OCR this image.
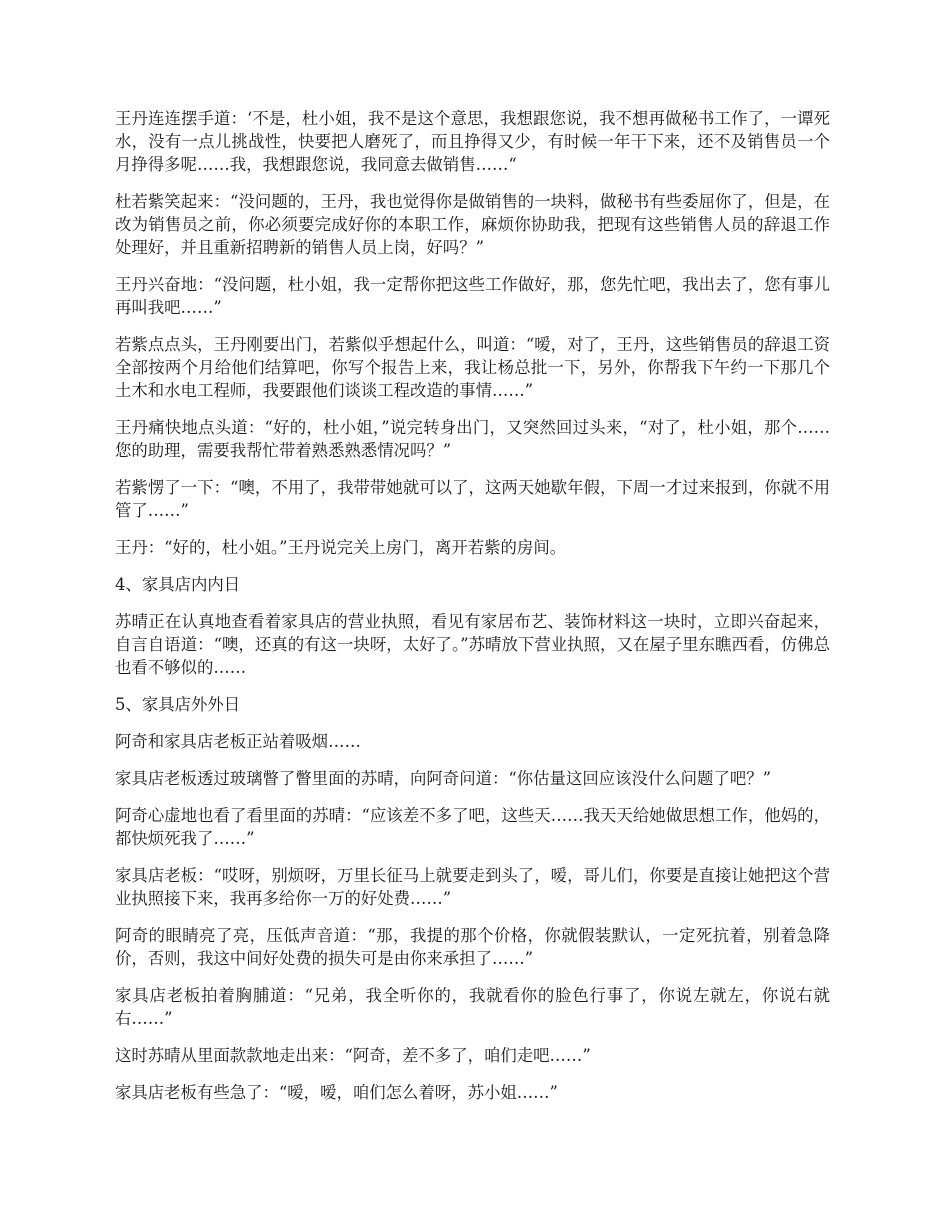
王丹连连摆手道：‘不是，杜小姐，我不是这个意思，我想跟您说，我不想再做秘书工作了，一谭死水，没有一点儿挑战性，快要把人磨死了，而且挣得又少，有时候一年干下来，还不及销售员一个月挣得多呢……我，我想跟您说，我同意去做销售……“

杜若紫笑起来：“没问题的，王丹，我也觉得你是做销售的一块料，做秘书有些委屈你了，但是，在改为销售员之前，你必须要完成好你的本职工作，麻烦你协助我，把现有这些销售人员的辞退工作处理好，并且重新招聘新的销售人员上岗，好吗？”

王丹兴奋地：“没问题，杜小姐，我一定帮你把这些工作做好，那，您先忙吧，我出去了，您有事儿再叫我吧……”

若紫点点头，王丹刚要出门，若紫似乎想起什么，叫道：“嗳，对了，王丹，这些销售员的辞退工资全部按两个月给他们结算吧，你写个报告上来，我让杨总批一下，另外，你帮我下午约一下那几个土木和水电工程师，我要跟他们谈谈工程改造的事情……”

王丹痛快地点头道：“好的，杜小姐，”说完转身出门，又突然回过头来，“对了，杜小姐，那个……您的助理，需要我帮忙带着熟悉熟悉情况吗？”

若紫愣了一下：“噢，不用了，我带带她就可以了，这两天她歇年假，下周一才过来报到，你就不用管了……”

王丹：“好的，杜小姐。”王丹说完关上房门，离开若紫的房间。

4、家具店内内日

苏晴正在认真地查看着家具店的营业执照，看见有家居布艺、装饰材料这一块时，立即兴奋起来，自言自语道：“噢，还真的有这一块呀，太好了。”苏晴放下营业执照，又在屋子里东瞧西看，仿佛总也看不够似的……

5、家具店外外日

阿奇和家具店老板正站着吸烟……

家具店老板透过玻璃瞥了瞥里面的苏晴，向阿奇问道：“你估量这回应该没什么问题了吧？”

阿奇心虚地也看了看里面的苏晴：“应该差不多了吧，这些天……我天天给她做思想工作，他妈的，都快烦死我了……”

家具店老板：“哎呀，别烦呀，万里长征马上就要走到头了，嗳，哥儿们，你要是直接让她把这个营业执照接下来，我再多给你一万的好处费……”

阿奇的眼睛亮了亮，压低声音道：“那，我提的那个价格，你就假装默认，一定死抗着，别着急降价，否则，我这中间好处费的损失可是由你来承担了……”

家具店老板拍着胸脯道：“兄弟，我全听你的，我就看你的脸色行事了，你说左就左，你说右就右……”

这时苏晴从里面款款地走出来：“阿奇，差不多了，咱们走吧……”

家具店老板有些急了：“嗳，嗳，咱们怎么着呀，苏小姐……”
